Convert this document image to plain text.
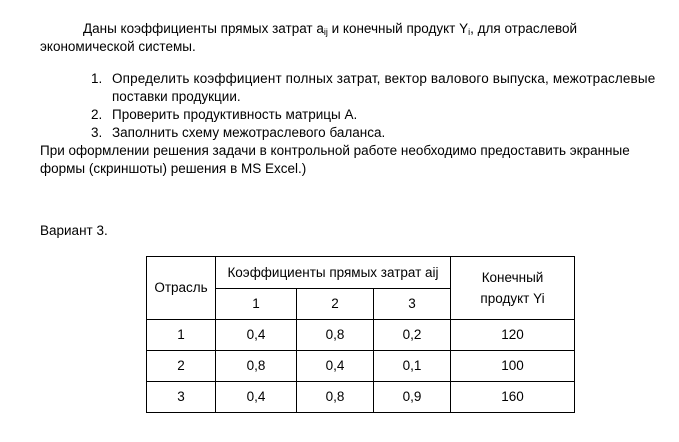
Даны коэффициенты прямых затрат $a_{ij}$ и конечный продукт $Y_i$, для отраслевой
экономической системы.
1. Определить коэффициент полных затрат, вектор валового выпуска, межотраслевые
поставки продукции.
2. Проверить продуктивность матрицы А.
3. Заполнить схему межотраслевого баланса.
При оформлении решения задачи в контрольной работе необходимо предоставить экранные
формы (скриншоты) решения в MS Excel.)
Вариант 3.
Отрасль	Коэффициенты прямых затрат aij			Конечный
продукт Yi
	1	2	3	
1	0,4	0,8	0,2	120
2	0,8	0,4	0,1	100
3	0,4	0,8	0,9	160
